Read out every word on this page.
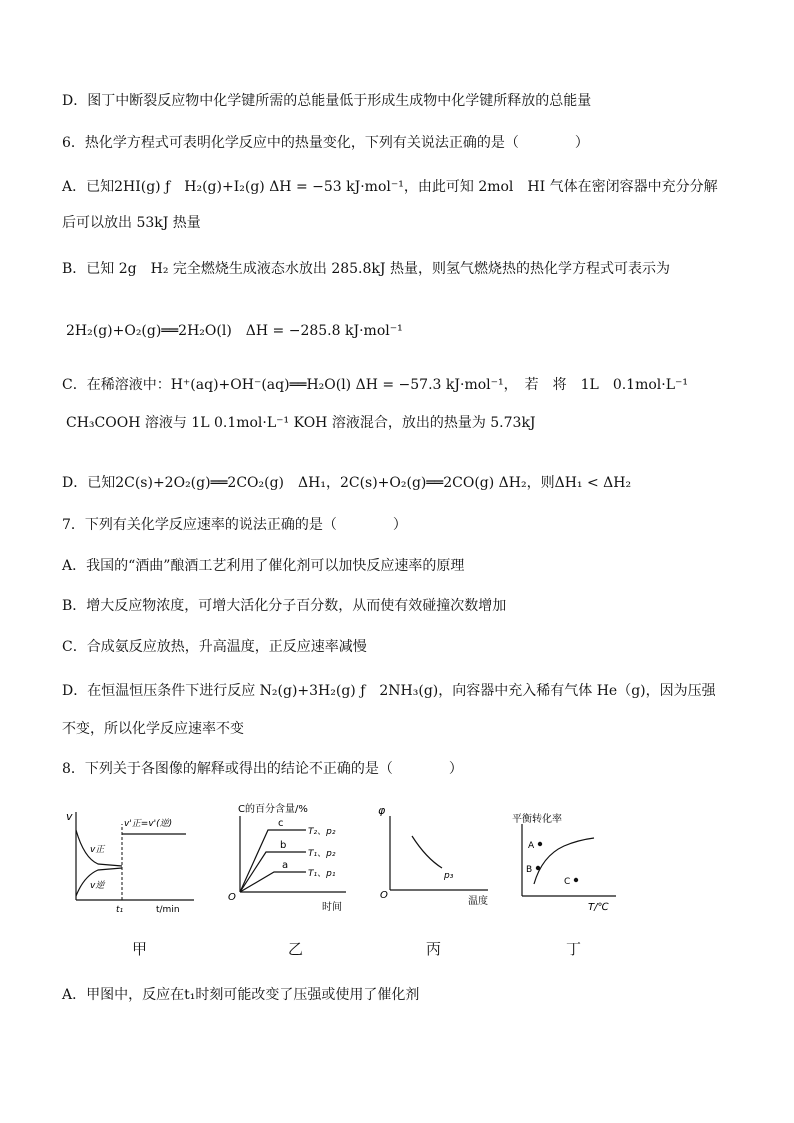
D．图丁中断裂反应物中化学键所需的总能量低于形成生成物中化学键所释放的总能量
6．热化学方程式可表明化学反应中的热量变化，下列有关说法正确的是（　　　　）
A．已知2HI(g) ƒ　H₂(g)+I₂(g) ΔH = −53 kJ·mol⁻¹，由此可知 2mol　HI 气体在密闭容器中充分分解
后可以放出 53kJ 热量
B．已知 2g　H₂ 完全燃烧生成液态水放出 285.8kJ 热量，则氢气燃烧热的热化学方程式可表示为
2H₂(g)+O₂(g)══2H₂O(l)　ΔH = −285.8 kJ·mol⁻¹
C．在稀溶液中：H⁺(aq)+OH⁻(aq)══H₂O(l) ΔH = −57.3 kJ·mol⁻¹，　若　将　1L　0.1mol·L⁻¹
CH₃COOH 溶液与 1L 0.1mol·L⁻¹ KOH 溶液混合，放出的热量为 5.73kJ
D．已知2C(s)+2O₂(g)══2CO₂(g)　ΔH₁，2C(s)+O₂(g)══2CO(g) ΔH₂，则ΔH₁ < ΔH₂
7．下列有关化学反应速率的说法正确的是（　　　　）
A．我国的“酒曲”酿酒工艺利用了催化剂可以加快反应速率的原理
B．增大反应物浓度，可增大活化分子百分数，从而使有效碰撞次数增加
C．合成氨反应放热，升高温度，正反应速率减慢
D．在恒温恒压条件下进行反应 N₂(g)+3H₂(g) ƒ　2NH₃(g)，向容器中充入稀有气体 He（g)，因为压强
不变，所以化学反应速率不变
8．下列关于各图像的解释或得出的结论不正确的是（　　　　）
v
v正
v逆
v'正=v'(逆)
t₁	t/min
C的百分含量/%
O
时间
c
T₂、p₂
b
T₁、p₂
a
T₁、p₁
φ
O
温度
p₃
平衡转化率
T/℃
A
B
C
甲	乙	丙	丁
A．甲图中，反应在t₁时刻可能改变了压强或使用了催化剂
